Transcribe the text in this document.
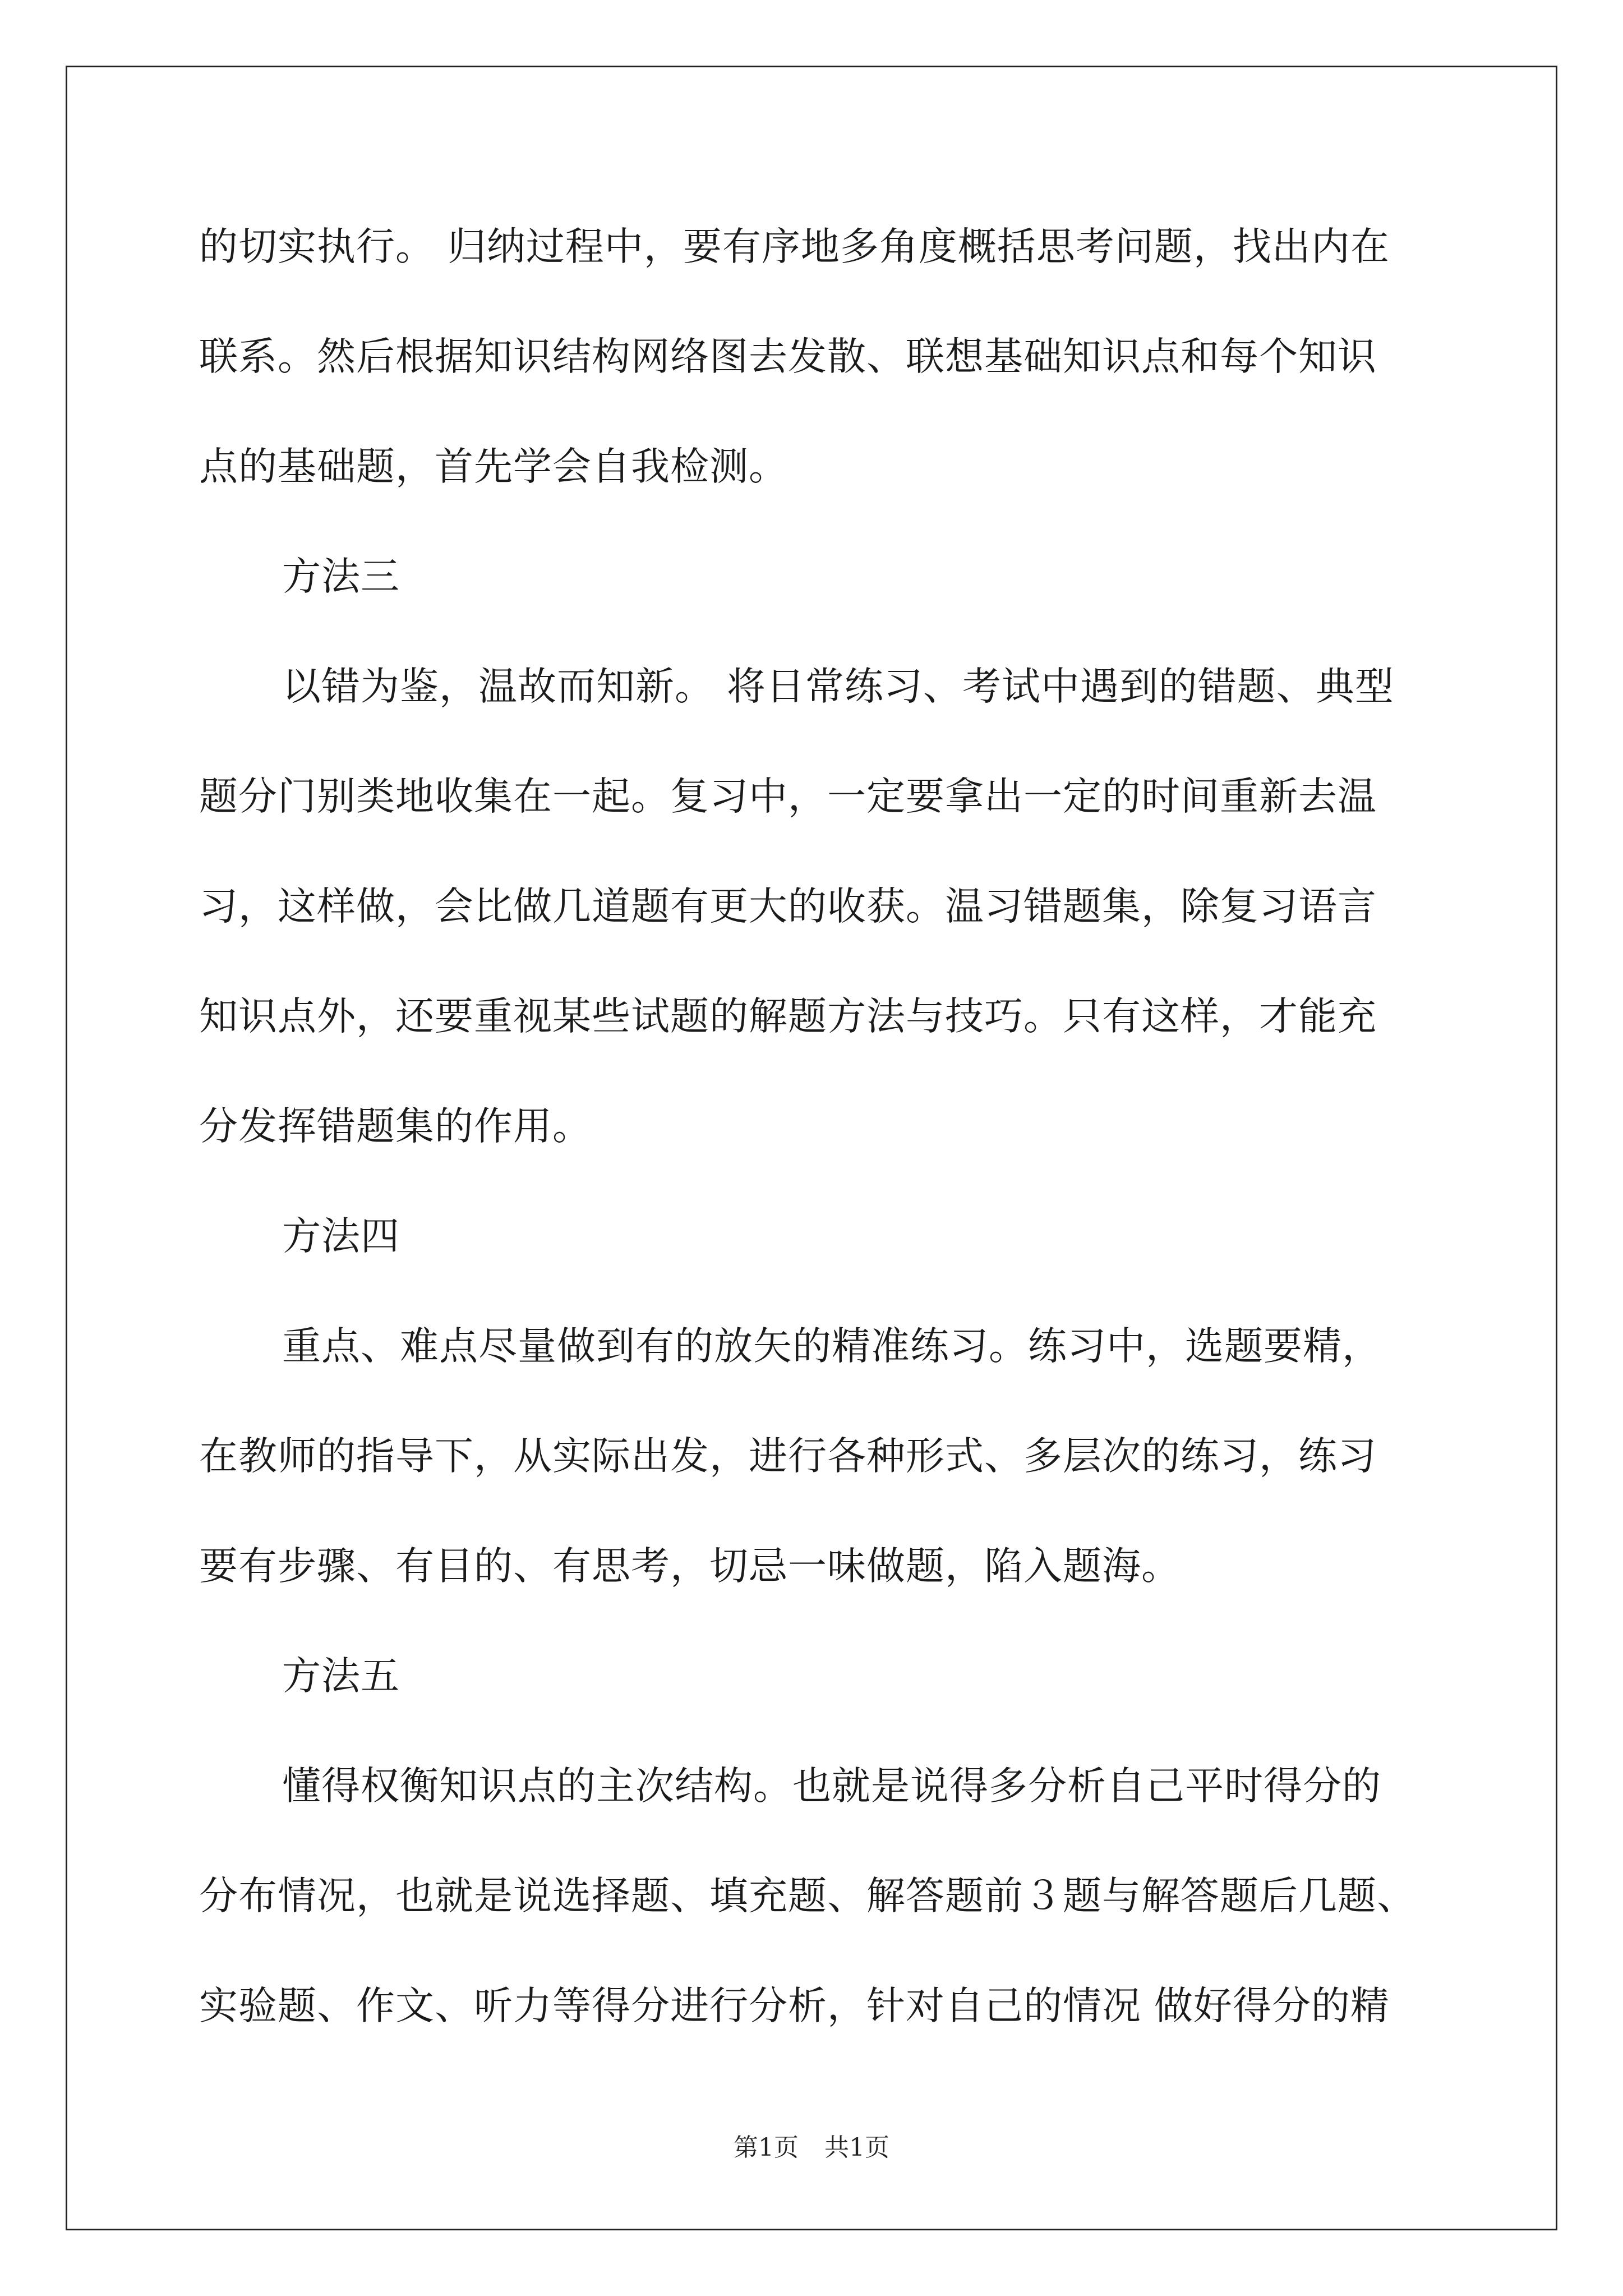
的切实执行。 归纳过程中，要有序地多角度概括思考问题，找出内在
联系。然后根据知识结构网络图去发散、联想基础知识点和每个知识
点的基础题，首先学会自我检测。
方法三
以错为鉴，温故而知新。 将日常练习、考试中遇到的错题、典型
题分门别类地收集在一起。复习中，一定要拿出一定的时间重新去温
习，这样做，会比做几道题有更大的收获。温习错题集，除复习语言
知识点外，还要重视某些试题的解题方法与技巧。只有这样，才能充
分发挥错题集的作用。
方法四
重点、难点尽量做到有的放矢的精准练习。练习中，选题要精，
在教师的指导下，从实际出发，进行各种形式、多层次的练习，练习
要有步骤、有目的、有思考，切忌一味做题，陷入题海。
方法五
懂得权衡知识点的主次结构。也就是说得多分析自己平时得分的
分布情况，也就是说选择题、填充题、解答题前３题与解答题后几题、
实验题、作文、听力等得分进行分析，针对自己的情况 做好得分的精
第1页 共1页
